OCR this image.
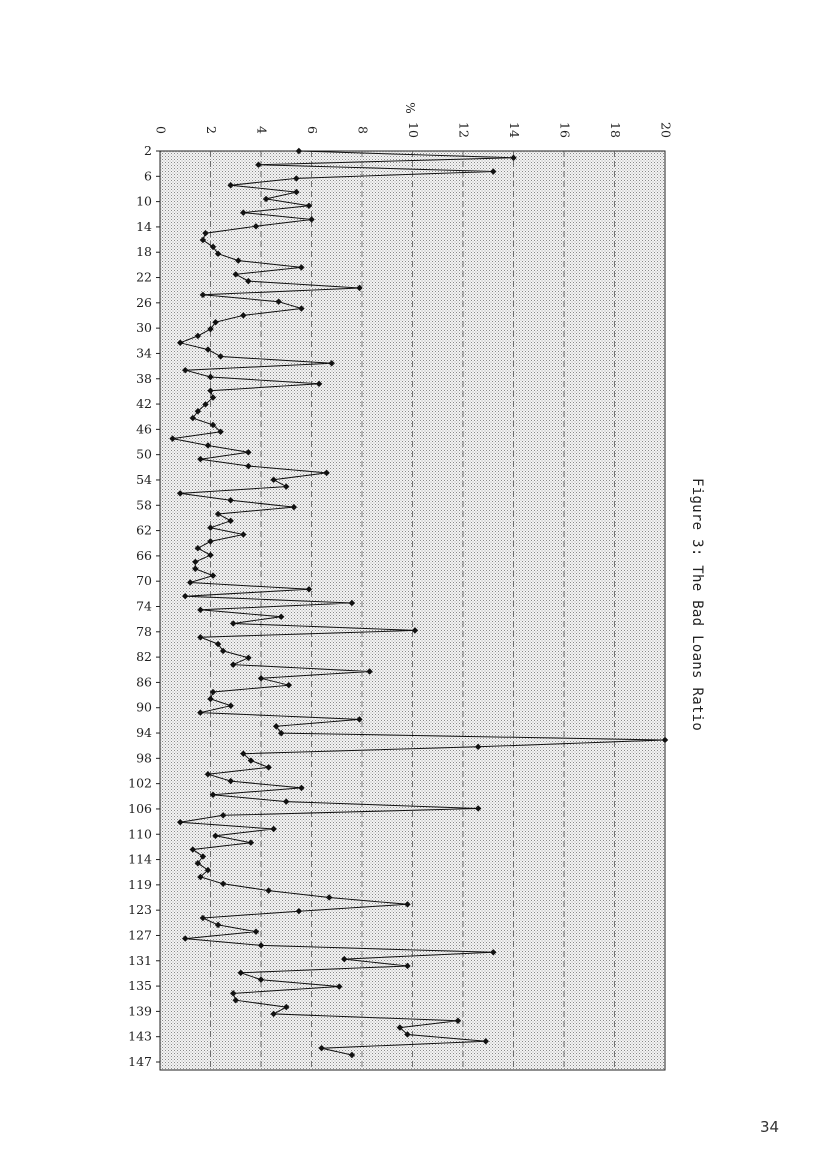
0	2	4	6	8	10	12	14	16	18	20
2
6
10
14
18
22
26
30
34
38
42
46
50
54
58
62
66
70
74
78
82
86
90
94
98
102
106
110
114
119
123
127
131
135
139
143
147
%
Figure 3: The Bad Loans Ratio
34
